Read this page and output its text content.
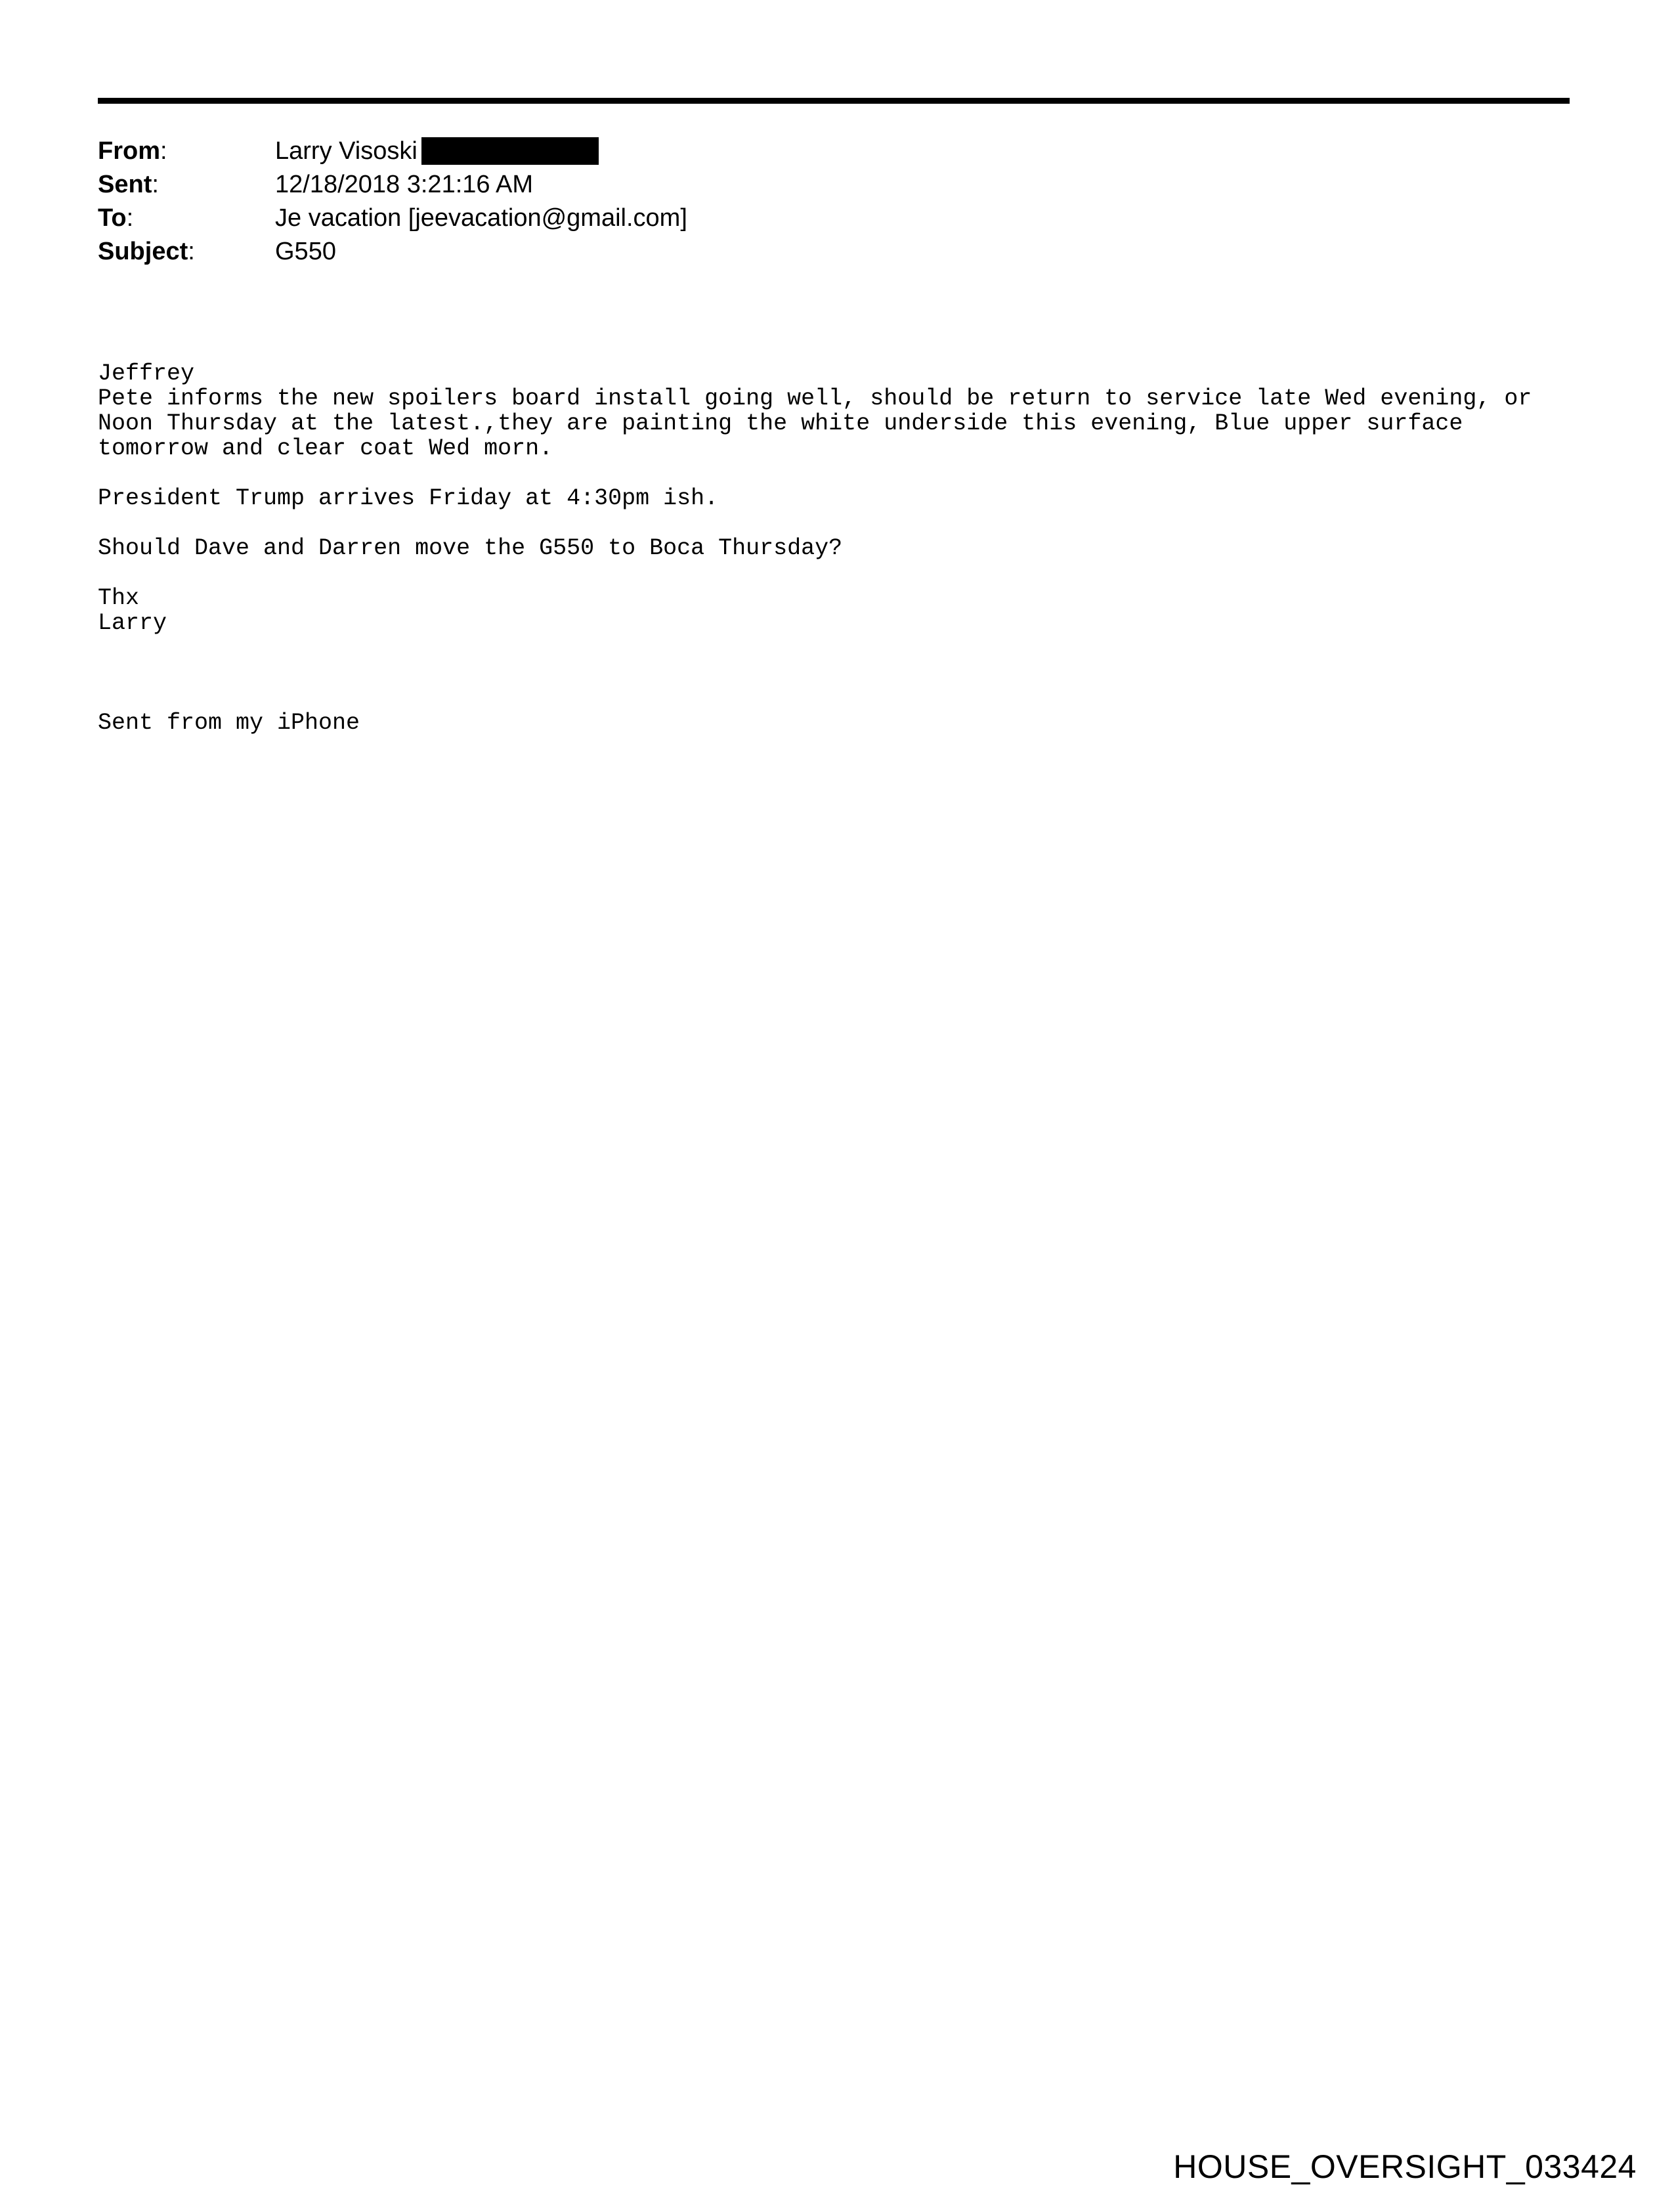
From:	Larry Visoski
Sent:	12/18/2018 3:21:16 AM
To:	Je vacation [jeevacation@gmail.com]
Subject:	G550
Jeffrey
Pete informs the new spoilers board install going well, should be return to service late Wed evening, or
Noon Thursday at the latest.,they are painting the white underside this evening, Blue upper surface
tomorrow and clear coat Wed morn.
President Trump arrives Friday at 4:30pm ish.
Should Dave and Darren move the G550 to Boca Thursday?
Thx
Larry
Sent from my iPhone
HOUSE_OVERSIGHT_033424
